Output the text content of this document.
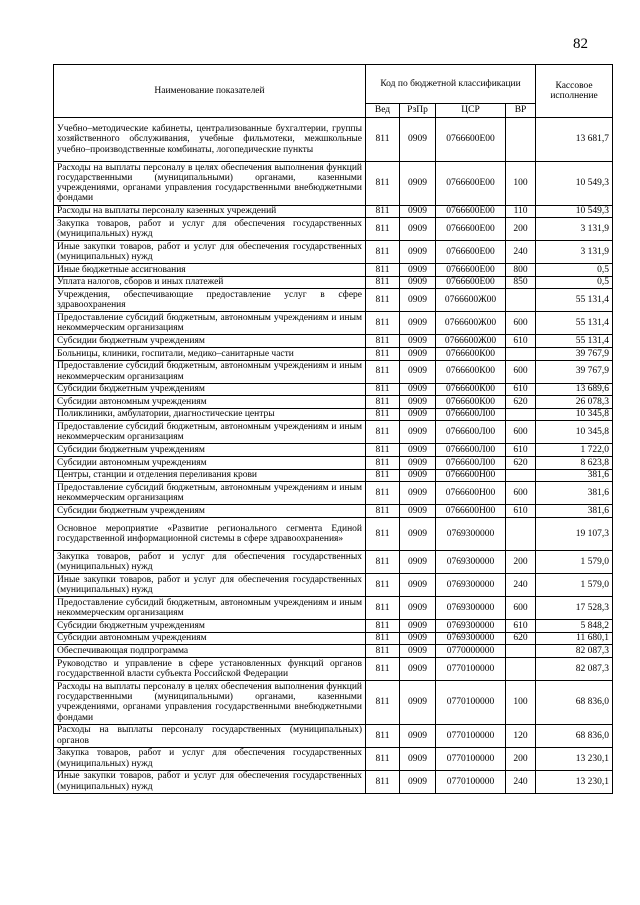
82
Наименование показателей	Код по бюджетной классификации				Кассовое исполнение
	Вед	РзПр	ЦСР	ВР	
Учебно–методические кабинеты, централизованные бухгалтерии, группы хозяйственного обслуживания, учебные фильмотеки, межшкольные учебно–производственные комбинаты, логопедические пункты	811	0909	0766600Е00		13 681,7
Расходы на выплаты персоналу в целях обеспечения выполнения функций государственными (муниципальными) органами, казенными учреждениями, органами управления государственными внебюджетными фондами	811	0909	0766600Е00	100	10 549,3
Расходы на выплаты персоналу казенных учреждений	811	0909	0766600Е00	110	10 549,3
Закупка товаров, работ и услуг для обеспечения государственных (муниципальных) нужд	811	0909	0766600Е00	200	3 131,9
Иные закупки товаров, работ и услуг для обеспечения государственных (муниципальных) нужд	811	0909	0766600Е00	240	3 131,9
Иные бюджетные ассигнования	811	0909	0766600Е00	800	0,5
Уплата налогов, сборов и иных платежей	811	0909	0766600Е00	850	0,5
Учреждения, обеспечивающие предоставление услуг в сфере здравоохранения	811	0909	0766600Ж00		55 131,4
Предоставление субсидий бюджетным, автономным учреждениям и иным некоммерческим организациям	811	0909	0766600Ж00	600	55 131,4
Субсидии бюджетным учреждениям	811	0909	0766600Ж00	610	55 131,4
Больницы, клиники, госпитали, медико–санитарные части	811	0909	0766600К00		39 767,9
Предоставление субсидий бюджетным, автономным учреждениям и иным некоммерческим организациям	811	0909	0766600К00	600	39 767,9
Субсидии бюджетным учреждениям	811	0909	0766600К00	610	13 689,6
Субсидии автономным учреждениям	811	0909	0766600К00	620	26 078,3
Поликлиники, амбулатории, диагностические центры	811	0909	0766600Л00		10 345,8
Предоставление субсидий бюджетным, автономным учреждениям и иным некоммерческим организациям	811	0909	0766600Л00	600	10 345,8
Субсидии бюджетным учреждениям	811	0909	0766600Л00	610	1 722,0
Субсидии автономным учреждениям	811	0909	0766600Л00	620	8 623,8
Центры, станции и отделения переливания крови	811	0909	0766600Н00		381,6
Предоставление субсидий бюджетным, автономным учреждениям и иным некоммерческим организациям	811	0909	0766600Н00	600	381,6
Субсидии бюджетным учреждениям	811	0909	0766600Н00	610	381,6
Основное мероприятие «Развитие регионального сегмента Единой государственной информационной системы в сфере здравоохранения»	811	0909	0769300000		19 107,3
Закупка товаров, работ и услуг для обеспечения государственных (муниципальных) нужд	811	0909	0769300000	200	1 579,0
Иные закупки товаров, работ и услуг для обеспечения государственных (муниципальных) нужд	811	0909	0769300000	240	1 579,0
Предоставление субсидий бюджетным, автономным учреждениям и иным некоммерческим организациям	811	0909	0769300000	600	17 528,3
Субсидии бюджетным учреждениям	811	0909	0769300000	610	5 848,2
Субсидии автономным учреждениям	811	0909	0769300000	620	11 680,1
Обеспечивающая подпрограмма	811	0909	0770000000		82 087,3
Руководство и управление в сфере установленных функций органов государственной власти субъекта Российской Федерации	811	0909	0770100000		82 087,3
Расходы на выплаты персоналу в целях обеспечения выполнения функций государственными (муниципальными) органами, казенными учреждениями, органами управления государственными внебюджетными фондами	811	0909	0770100000	100	68 836,0
Расходы на выплаты персоналу государственных (муниципальных) органов	811	0909	0770100000	120	68 836,0
Закупка товаров, работ и услуг для обеспечения государственных (муниципальных) нужд	811	0909	0770100000	200	13 230,1
Иные закупки товаров, работ и услуг для обеспечения государственных (муниципальных) нужд	811	0909	0770100000	240	13 230,1
